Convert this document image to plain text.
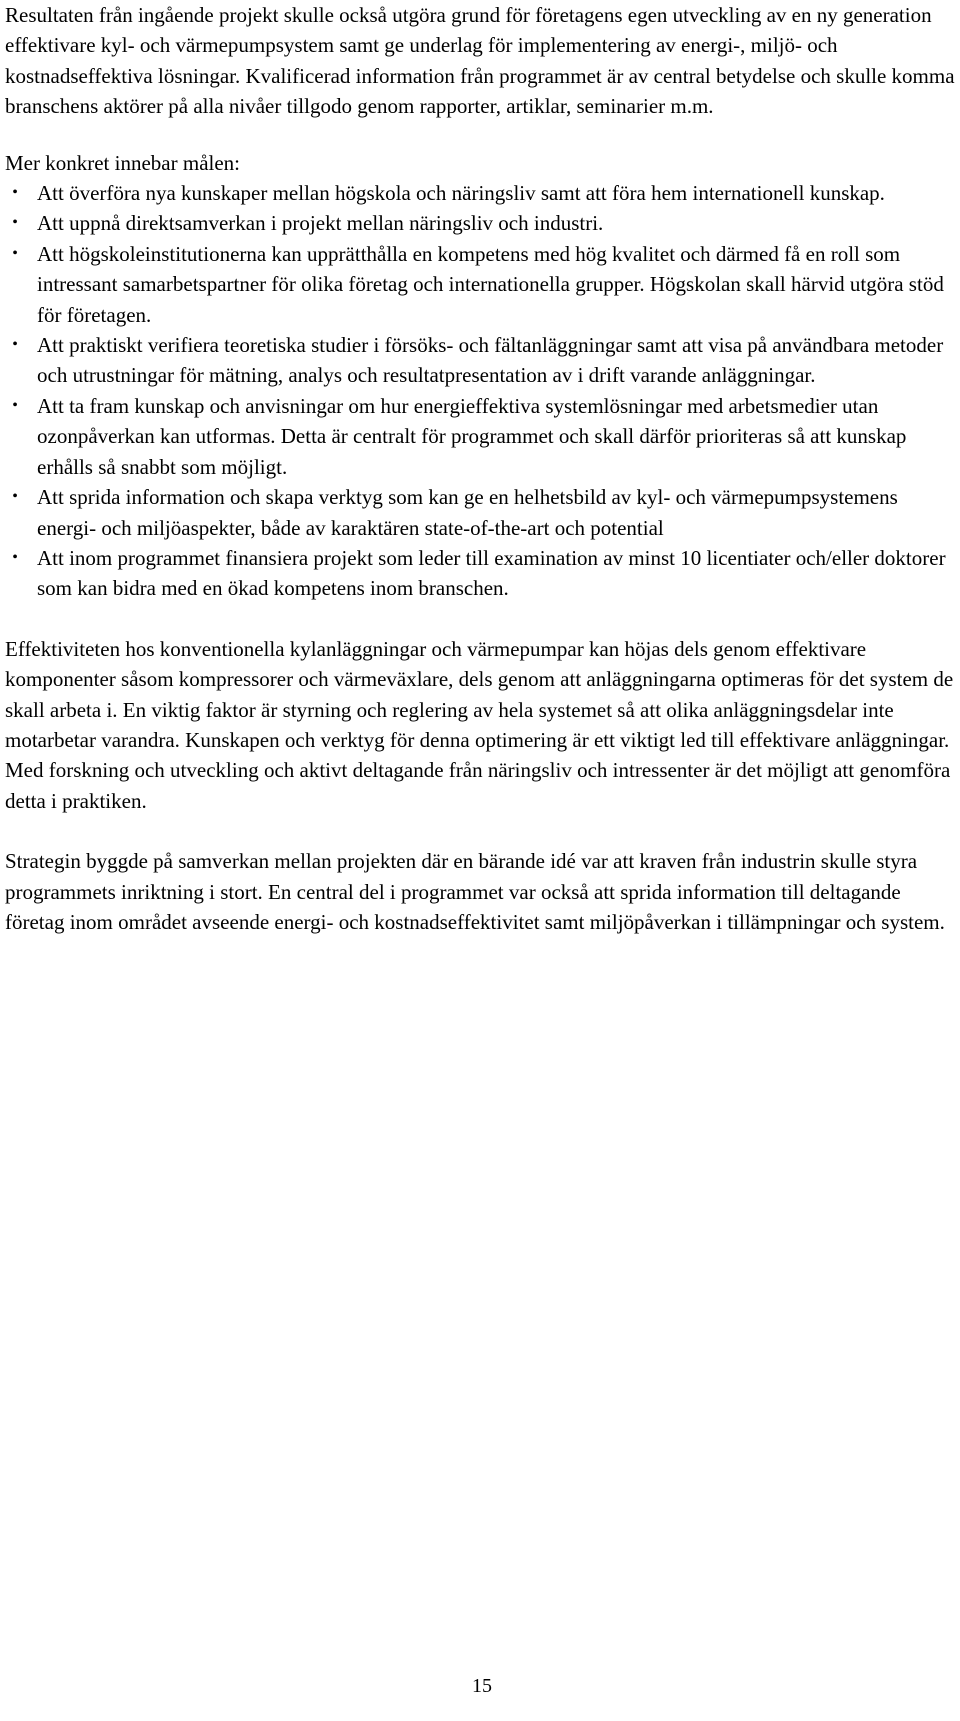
Resultaten från ingående projekt skulle också utgöra grund för företagens egen utveckling av en ny generation effektivare kyl- och värmepumpsystem samt ge underlag för implementering av energi-, miljö- och kostnadseffektiva lösningar. Kvalificerad information från programmet är av central betydelse och skulle komma branschens aktörer på alla nivåer tillgodo genom rapporter, artiklar, seminarier m.m.

Mer konkret innebar målen:

• Att överföra nya kunskaper mellan högskola och näringsliv samt att föra hem internationell kunskap.
• Att uppnå direktsamverkan i projekt mellan näringsliv och industri.
• Att högskoleinstitutionerna kan upprätthålla en kompetens med hög kvalitet och därmed få en roll som intressant samarbetspartner för olika företag och internationella grupper. Högskolan skall härvid utgöra stöd för företagen.
• Att praktiskt verifiera teoretiska studier i försöks- och fältanläggningar samt att visa på användbara metoder och utrustningar för mätning, analys och resultatpresentation av i drift varande anläggningar.
• Att ta fram kunskap och anvisningar om hur energieffektiva systemlösningar med arbetsmedier utan ozonpåverkan kan utformas. Detta är centralt för programmet och skall därför prioriteras så att kunskap erhålls så snabbt som möjligt.
• Att sprida information och skapa verktyg som kan ge en helhetsbild av kyl- och värmepumpsystemens energi- och miljöaspekter, både av karaktären state-of-the-art och potential
• Att inom programmet finansiera projekt som leder till examination av minst 10 licentiater och/eller doktorer som kan bidra med en ökad kompetens inom branschen.

Effektiviteten hos konventionella kylanläggningar och värmepumpar kan höjas dels genom effektivare komponenter såsom kompressorer och värmeväxlare, dels genom att anläggningarna optimeras för det system de skall arbeta i. En viktig faktor är styrning och reglering av hela systemet så att olika anläggningsdelar inte motarbetar varandra. Kunskapen och verktyg för denna optimering är ett viktigt led till effektivare anläggningar. Med forskning och utveckling och aktivt deltagande från näringsliv och intressenter är det möjligt att genomföra detta i praktiken.

Strategin byggde på samverkan mellan projekten där en bärande idé var att kraven från industrin skulle styra programmets inriktning i stort. En central del i programmet var också att sprida information till deltagande företag inom området avseende energi- och kostnadseffektivitet samt miljöpåverkan i tillämpningar och system.

15
